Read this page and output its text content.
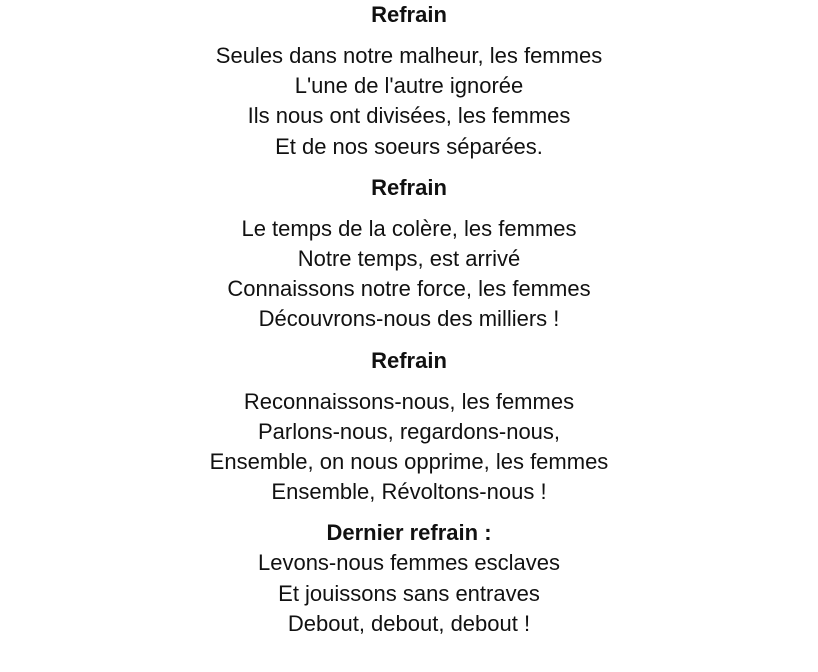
Refrain
Seules dans notre malheur, les femmes
L'une de l'autre ignorée
Ils nous ont divisées, les femmes
Et de nos soeurs séparées.
Refrain
Le temps de la colère, les femmes
Notre temps, est arrivé
Connaissons notre force, les femmes
Découvrons-nous des milliers !
Refrain
Reconnaissons-nous, les femmes
Parlons-nous, regardons-nous,
Ensemble, on nous opprime, les femmes
Ensemble, Révoltons-nous !
Dernier refrain :
Levons-nous femmes esclaves
Et jouissons sans entraves
Debout, debout, debout !
